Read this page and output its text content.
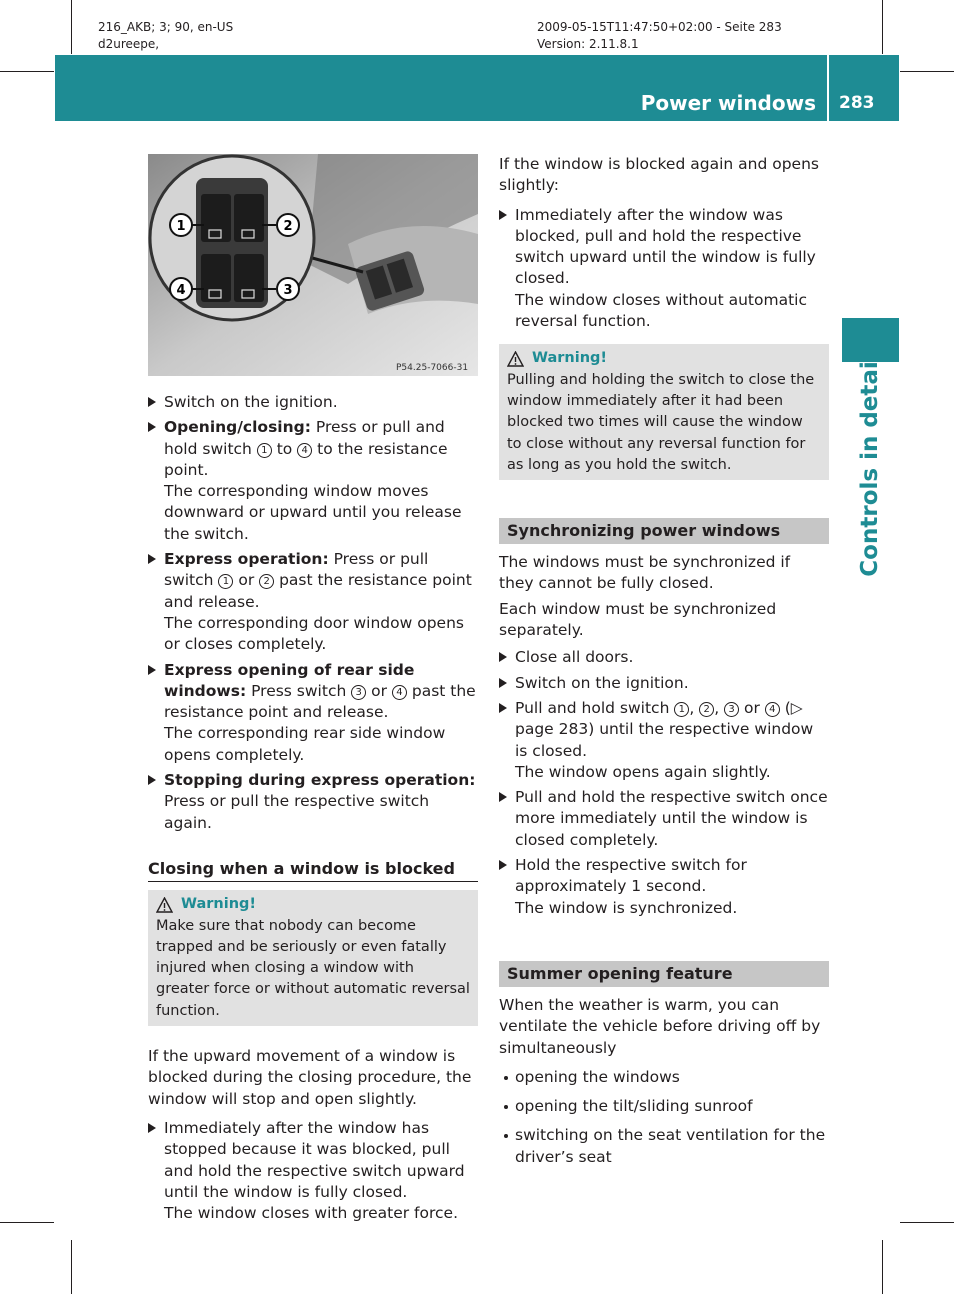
216_AKB; 3; 90, en-US
d2ureepe,
2009-05-15T11:47:50+02:00 - Seite 283
Version: 2.11.8.1
Power windows 283
Controls in detail
1	2
3
4
P54.25-7066-31
Switch on the ignition.
Opening/closing: Press or pull and hold switch 1 to 4 to the resistance point.

The corresponding window moves downward or upward until you release the switch.

Express operation: Press or pull switch 1 or 2 past the resistance point and release.

The corresponding door window opens or closes completely.

Express opening of rear side windows: Press switch 3 or 4 past the resistance point and release.

The corresponding rear side window opens completely.

Stopping during express operation: Press or pull the respective switch again.
Closing when a window is blocked
Warning!

Make sure that nobody can become trapped and be seriously or even fatally injured when closing a window with greater force or without automatic reversal function.

If the upward movement of a window is blocked during the closing procedure, the window will stop and open slightly.

Immediately after the window has stopped because it was blocked, pull and hold the respective switch upward until the window is fully closed.

The window closes with greater force.

If the window is blocked again and opens slightly:

Immediately after the window was blocked, pull and hold the respective switch upward until the window is fully closed.

The window closes without automatic reversal function.

Warning!

Pulling and holding the switch to close the window immediately after it had been blocked two times will cause the window to close without any reversal function for as long as you hold the switch.

Synchronizing power windows

The windows must be synchronized if they cannot be fully closed.

Each window must be synchronized separately.

Close all doors.
Switch on the ignition.
Pull and hold switch 1 , 2 , 3 or 4 (▷ page 283) until the respective window is closed.

The window opens again slightly.

Pull and hold the respective switch once more immediately until the window is closed completely.
Hold the respective switch for approximately 1 second.

The window is synchronized.

Summer opening feature

When the weather is warm, you can ventilate the vehicle before driving off by simultaneously

opening the windows
opening the tilt/sliding sunroof
switching on the seat ventilation for the driver’s seat
